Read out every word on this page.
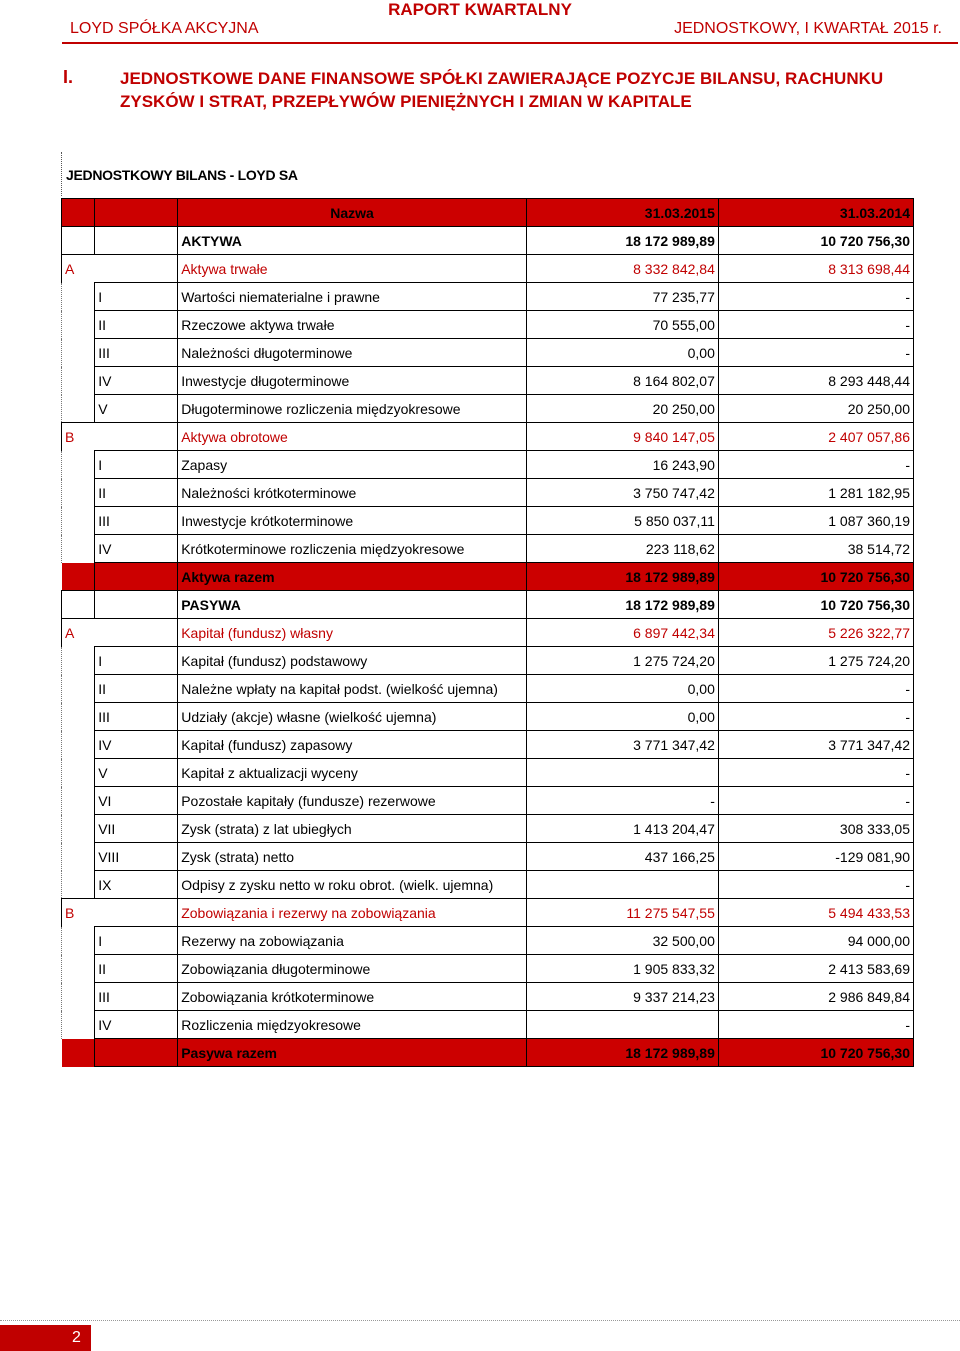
RAPORT KWARTALNY
LOYD SPÓŁKA AKCYJNA	JEDNOSTKOWY, I KWARTAŁ 2015 r.
I.	JEDNOSTKOWE DANE FINANSOWE SPÓŁKI ZAWIERAJĄCE POZYCJE BILANSU, RACHUNKU ZYSKÓW I STRAT, PRZEPŁYWÓW PIENIĘŻNYCH I ZMIAN W KAPITALE
JEDNOSTKOWY BILANS - LOYD SA
		Nazwa	31.03.2015	31.03.2014
		AKTYWA	18 172 989,89	10 720 756,30
A		Aktywa trwałe	8 332 842,84	8 313 698,44
	I	Wartości niematerialne i prawne	77 235,77	-
	II	Rzeczowe aktywa trwałe	70 555,00	-
	III	Należności długoterminowe	0,00	-
	IV	Inwestycje długoterminowe	8 164 802,07	8 293 448,44
	V	Długoterminowe rozliczenia międzyokresowe	20 250,00	20 250,00
B		Aktywa obrotowe	9 840 147,05	2 407 057,86
	I	Zapasy	16 243,90	-
	II	Należności krótkoterminowe	3 750 747,42	1 281 182,95
	III	Inwestycje krótkoterminowe	5 850 037,11	1 087 360,19
	IV	Krótkoterminowe rozliczenia międzyokresowe	223 118,62	38 514,72
		Aktywa razem	18 172 989,89	10 720 756,30
		PASYWA	18 172 989,89	10 720 756,30
A		Kapitał (fundusz) własny	6 897 442,34	5 226 322,77
	I	Kapitał (fundusz) podstawowy	1 275 724,20	1 275 724,20
	II	Należne wpłaty na kapitał podst. (wielkość ujemna)	0,00	-
	III	Udziały (akcje) własne (wielkość ujemna)	0,00	-
	IV	Kapitał (fundusz) zapasowy	3 771 347,42	3 771 347,42
	V	Kapitał z aktualizacji wyceny		-
	VI	Pozostałe kapitały (fundusze) rezerwowe	-	-
	VII	Zysk (strata) z lat ubiegłych	1 413 204,47	308 333,05
	VIII	Zysk (strata) netto	437 166,25	-129 081,90
	IX	Odpisy z zysku netto w roku obrot. (wielk. ujemna)		-
B		Zobowiązania i rezerwy na zobowiązania	11 275 547,55	5 494 433,53
	I	Rezerwy na zobowiązania	32 500,00	94 000,00
	II	Zobowiązania długoterminowe	1 905 833,32	2 413 583,69
	III	Zobowiązania krótkoterminowe	9 337 214,23	2 986 849,84
	IV	Rozliczenia międzyokresowe		-
		Pasywa razem	18 172 989,89	10 720 756,30
2
